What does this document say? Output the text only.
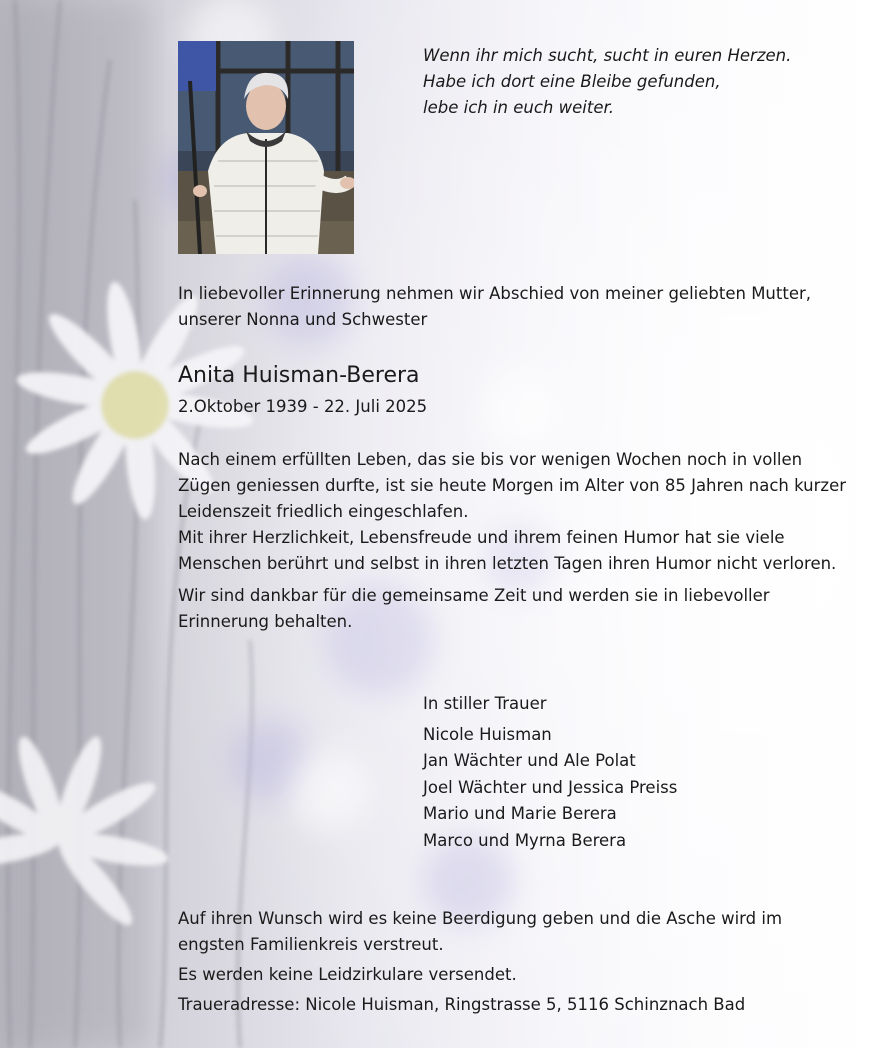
Wenn ihr mich sucht, sucht in euren Herzen.
Habe ich dort eine Bleibe gefunden,
lebe ich in euch weiter.
In liebevoller Erinnerung nehmen wir Abschied von meiner geliebten Mutter,
unserer Nonna und Schwester
Anita Huisman-Berera
2.Oktober 1939 - 22. Juli 2025

Nach einem erfüllten Leben, das sie bis vor wenigen Wochen noch in vollen Zügen geniessen durfte, ist sie heute Morgen im Alter von 85 Jahren nach kurzer Leidenszeit friedlich eingeschlafen.

Mit ihrer Herzlichkeit, Lebensfreude und ihrem feinen Humor hat sie viele Menschen berührt und selbst in ihren letzten Tagen ihren Humor nicht verloren.

Wir sind dankbar für die gemeinsame Zeit und werden sie in liebevoller Erinnerung behalten.

In stiller Trauer
Nicole Huisman
Jan Wächter und Ale Polat
Joel Wächter und Jessica Preiss
Mario und Marie Berera
Marco und Myrna Berera

Auf ihren Wunsch wird es keine Beerdigung geben und die Asche wird im engsten Familienkreis verstreut.

Es werden keine Leidzirkulare versendet.

Traueradresse: Nicole Huisman, Ringstrasse 5, 5116 Schinznach Bad
